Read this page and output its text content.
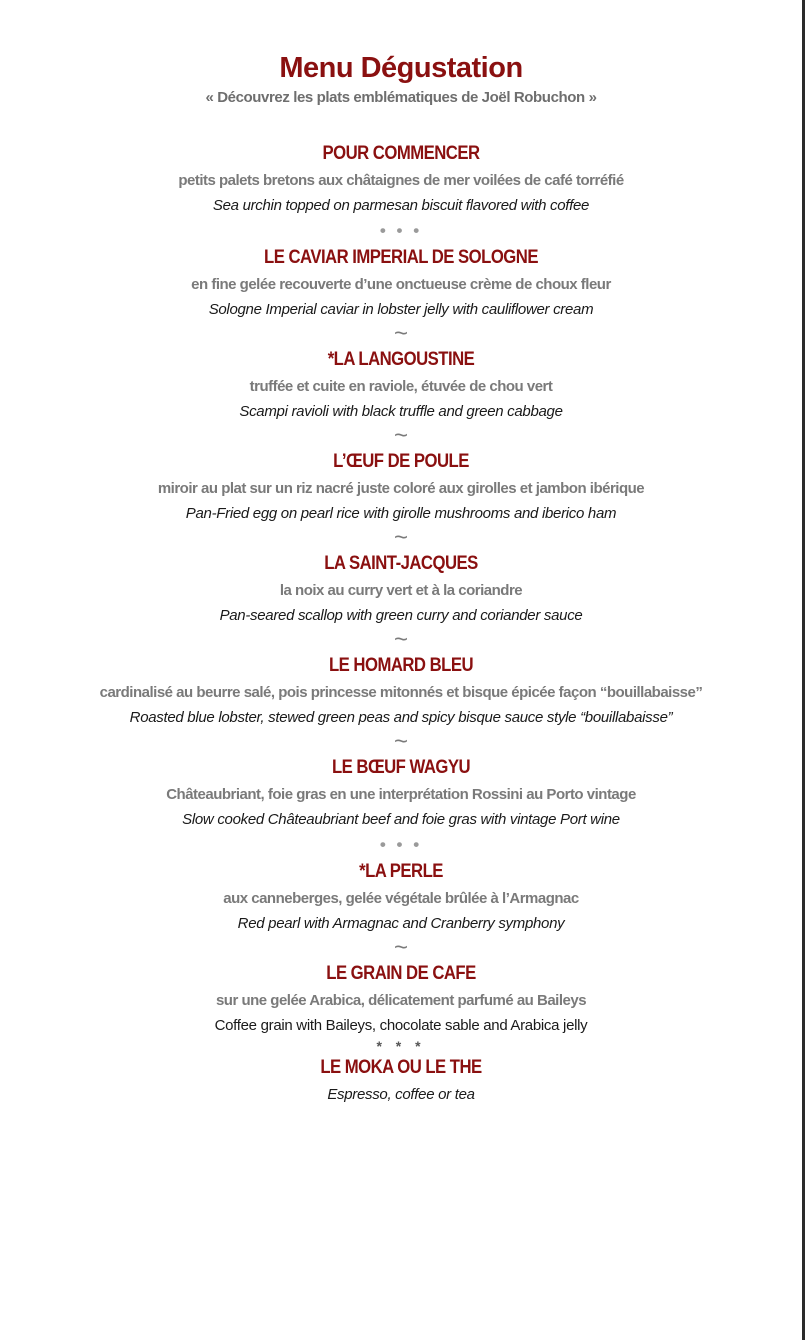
Menu Dégustation

« Découvrez les plats emblématiques de Joël Robuchon »

POUR COMMENCER

petits palets bretons aux châtaignes de mer voilées de café torréfié

Sea urchin topped on parmesan biscuit flavored with coffee

• • •

LE CAVIAR IMPERIAL DE SOLOGNE

en fine gelée recouverte d’une onctueuse crème de choux fleur

Sologne Imperial caviar in lobster jelly with cauliflower cream

~

*LA LANGOUSTINE

truffée et cuite en raviole, étuvée de chou vert

Scampi ravioli with black truffle and green cabbage

~

L’ŒUF DE POULE

miroir au plat sur un riz nacré juste coloré aux girolles et jambon ibérique

Pan-Fried egg on pearl rice with girolle mushrooms and iberico ham

~

LA SAINT-JACQUES

la noix au curry vert et à la coriandre

Pan-seared scallop with green curry and coriander sauce

~

LE HOMARD BLEU

cardinalisé au beurre salé, pois princesse mitonnés et bisque épicée façon “bouillabaisse”

Roasted blue lobster, stewed green peas and spicy bisque sauce style “bouillabaisse”

~

LE BŒUF WAGYU

Châteaubriant, foie gras en une interprétation Rossini au Porto vintage

Slow cooked Châteaubriant beef and foie gras with vintage Port wine

• • •

*LA PERLE

aux canneberges, gelée végétale brûlée à l’Armagnac

Red pearl with Armagnac and Cranberry symphony

~

LE GRAIN DE CAFE

sur une gelée Arabica, délicatement parfumé au Baileys

Coffee grain with Baileys, chocolate sable and Arabica jelly

* * *

LE MOKA OU LE THE

Espresso, coffee or tea
